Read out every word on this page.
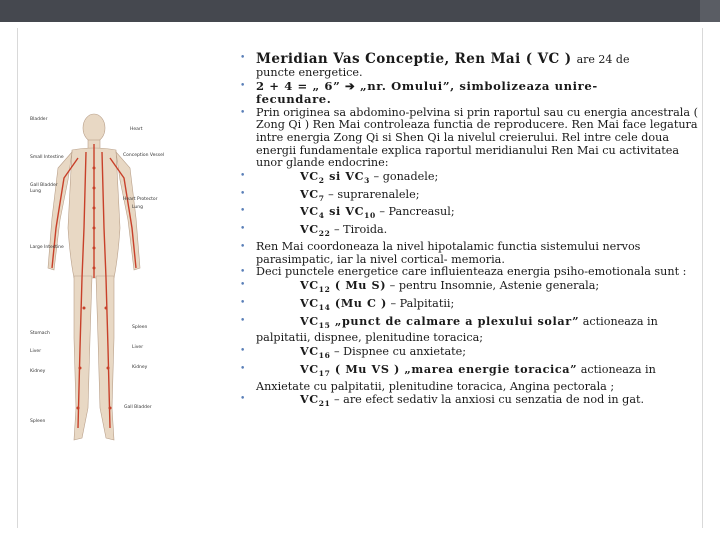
Bladder
Small Intestine
Gall Bladder
Lung
Large Intestine
Stomach
Liver
Kidney
Spleen
Heart
Conception Vessel
Heart Protector
Lung
Spleen
Liver
Kidney
Gall Bladder
• Meridian Vas Conceptie, Ren Mai ( VC ) are 24 de
puncte energetice.
• 2 + 4 = „ 6” ➔ „nr. Omului”, simbolizeaza unire-
fecundare.
• Prin originea sa abdomino-pelvina si prin raportul sau cu energia ancestrala ( Zong Qi ) Ren Mai controleaza functia de reproducere. Ren Mai face legatura intre energia Zong Qi si Shen Qi la nivelul creierului. Rel intre cele doua energii fundamentale explica raportul meridianului Ren Mai cu activitatea unor glande endocrine:
•	$VC_2$ si $VC_3$ – gonadele;
•	$VC_7$ – suprarenalele;
•	$VC_4$ si $VC_{10}$ – Pancreasul;
•	$VC_{22}$ – Tiroida.
• Ren Mai coordoneaza la nivel hipotalamic functia sistemului nervos parasimpatic, iar la nivel cortical- memoria.
• Deci punctele energetice care influienteaza energia psiho-emotionala sunt :
•	$VC_{12}$ ( Mu S) – pentru Insomnie, Astenie generala;
•	$VC_{14}$ (Mu C ) – Palpitatii;
•	$VC_{15}$ „punct de calmare a plexului solar” actioneaza in palpitatii, dispnee, plenitudine toracica;
•	$VC_{16}$ – Dispnee cu anxietate;
•	$VC_{17}$ ( Mu VS ) „marea energie toracica” actioneaza in Anxietate cu palpitatii, plenitudine toracica, Angina pectorala ;
•	$VC_{21}$ – are efect sedativ la anxiosi cu senzatia de nod in gat.
